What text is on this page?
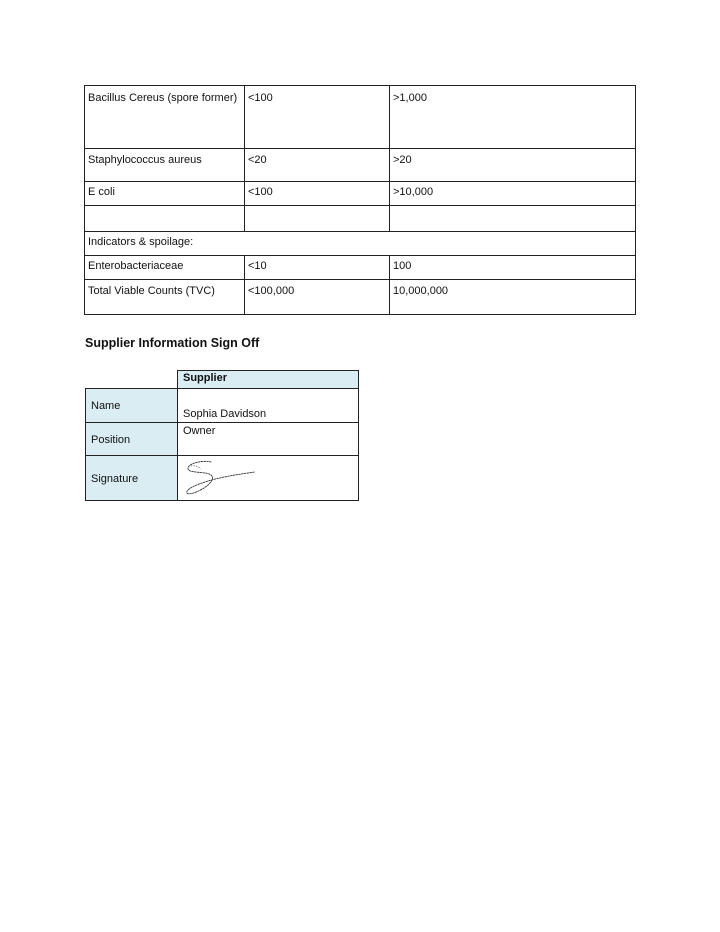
Bacillus Cereus (spore former)	<100	>1,000
Staphylococcus aureus	<20	>20
E coli	<100	>10,000

Indicators & spoilage:		
Enterobacteriaceae	<10	100
Total Viable Counts (TVC)	<100,000	10,000,000
Supplier Information Sign Off
	Supplier

Name	Sophia Davidson

Position	Owner

Signature
